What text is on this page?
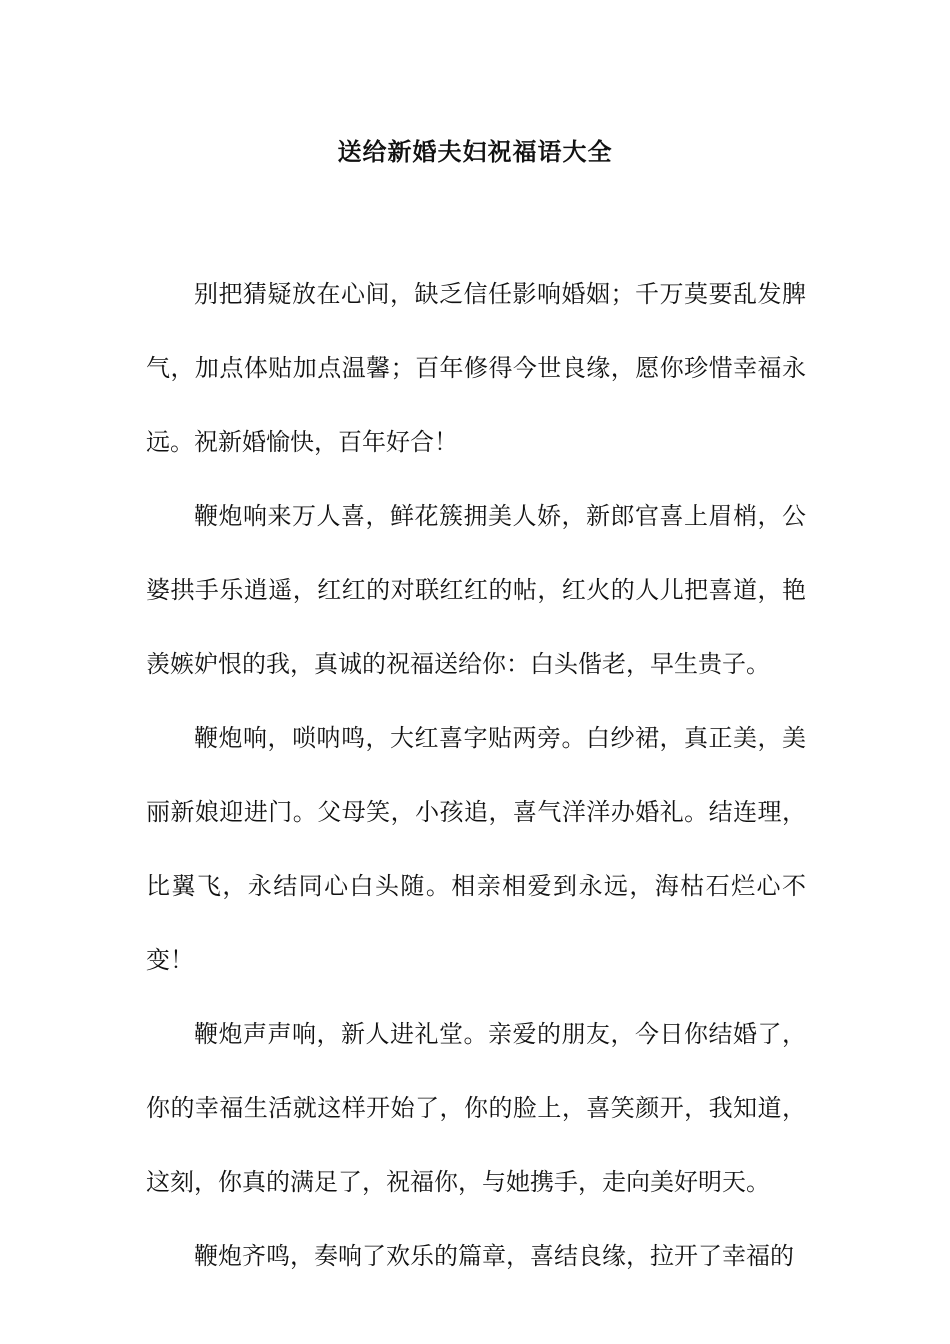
送给新婚夫妇祝福语大全

别把猜疑放在心间，缺乏信任影响婚姻；千万莫要乱发脾气，加点体贴加点温馨；百年修得今世良缘，愿你珍惜幸福永远。祝新婚愉快，百年好合！

鞭炮响来万人喜，鲜花簇拥美人娇，新郎官喜上眉梢，公婆拱手乐逍遥，红红的对联红红的帖，红火的人儿把喜道，艳羡嫉妒恨的我，真诚的祝福送给你：白头偕老，早生贵子。

鞭炮响，唢呐鸣，大红喜字贴两旁。白纱裙，真正美，美丽新娘迎进门。父母笑，小孩追，喜气洋洋办婚礼。结连理，比翼飞，永结同心白头随。相亲相爱到永远，海枯石烂心不变！

鞭炮声声响，新人进礼堂。亲爱的朋友，今日你结婚了，你的幸福生活就这样开始了，你的脸上，喜笑颜开，我知道，这刻，你真的满足了，祝福你，与她携手，走向美好明天。

鞭炮齐鸣，奏响了欢乐的篇章，喜结良缘，拉开了幸福的
